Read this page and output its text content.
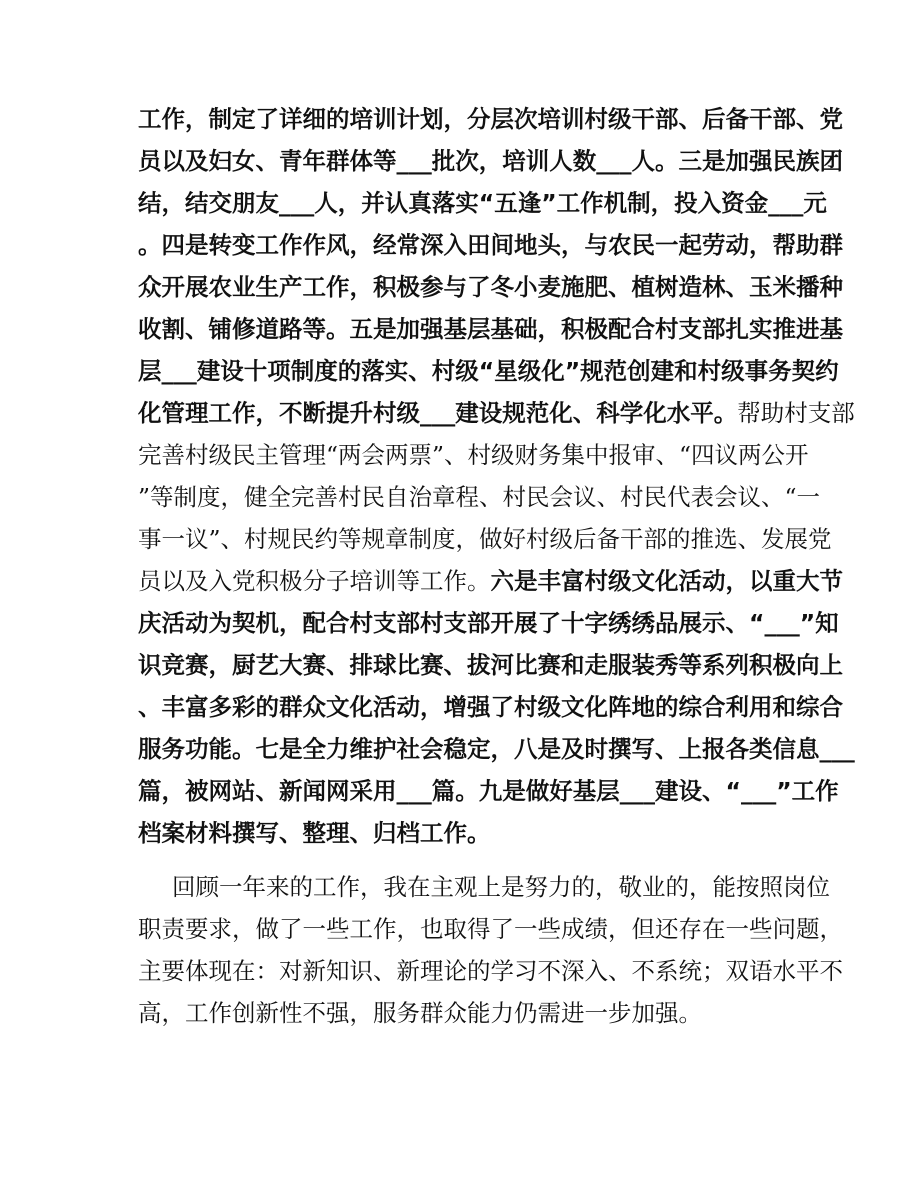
工作，制定了详细的培训计划，分层次培训村级干部、后备干部、党
员以及妇女、青年群体等___批次，培训人数___人。三是加强民族团
结，结交朋友___人，并认真落实“五逢”工作机制，投入资金___元
。四是转变工作作风，经常深入田间地头，与农民一起劳动，帮助群
众开展农业生产工作，积极参与了冬小麦施肥、植树造林、玉米播种
收割、铺修道路等。五是加强基层基础，积极配合村支部扎实推进基
层___建设十项制度的落实、村级“星级化”规范创建和村级事务契约
化管理工作，不断提升村级___建设规范化、科学化水平。帮助村支部
完善村级民主管理“两会两票”、村级财务集中报审、“四议两公开
”等制度，健全完善村民自治章程、村民会议、村民代表会议、“一
事一议”、村规民约等规章制度，做好村级后备干部的推选、发展党
员以及入党积极分子培训等工作。六是丰富村级文化活动，以重大节
庆活动为契机，配合村支部村支部开展了十字绣绣品展示、“___”知
识竞赛，厨艺大赛、排球比赛、拔河比赛和走服装秀等系列积极向上
、丰富多彩的群众文化活动，增强了村级文化阵地的综合利用和综合
服务功能。七是全力维护社会稳定，八是及时撰写、上报各类信息___
篇，被网站、新闻网采用___篇。九是做好基层___建设、“___”工作
档案材料撰写、整理、归档工作。
回顾一年来的工作，我在主观上是努力的，敬业的，能按照岗位
职责要求，做了一些工作，也取得了一些成绩，但还存在一些问题，
主要体现在：对新知识、新理论的学习不深入、不系统；双语水平不
高，工作创新性不强，服务群众能力仍需进一步加强。
